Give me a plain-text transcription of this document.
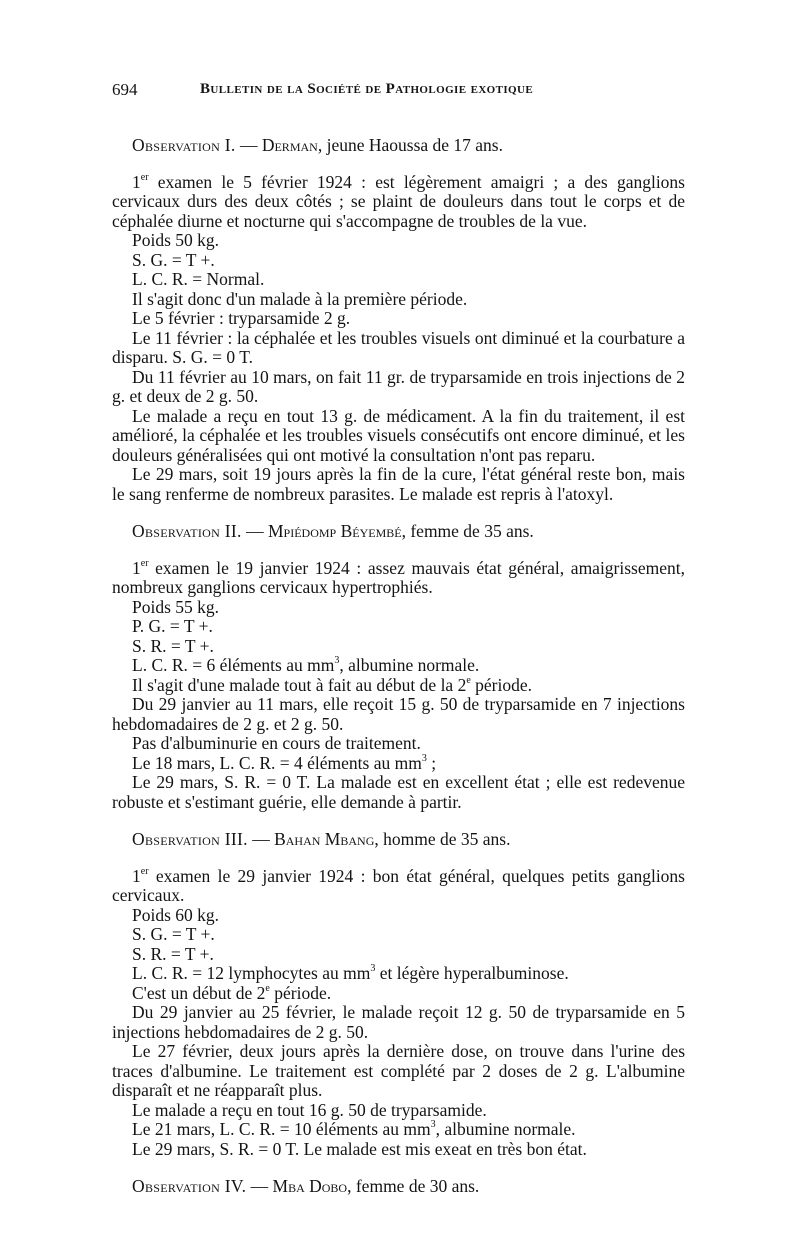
694	Bulletin de la Société de Pathologie exotique

Observation I. — Derman, jeune Haoussa de 17 ans.

1er examen le 5 février 1924 : est légèrement amaigri ; a des ganglions cervicaux durs des deux côtés ; se plaint de douleurs dans tout le corps et de céphalée diurne et nocturne qui s'accompagne de troubles de la vue.

Poids 50 kg.

S. G. = T +.

L. C. R. = Normal.

Il s'agit donc d'un malade à la première période.

Le 5 février : tryparsamide 2 g.

Le 11 février : la céphalée et les troubles visuels ont diminué et la courbature a disparu. S. G. = 0 T.

Du 11 février au 10 mars, on fait 11 gr. de tryparsamide en trois injections de 2 g. et deux de 2 g. 50.

Le malade a reçu en tout 13 g. de médicament. A la fin du traitement, il est amélioré, la céphalée et les troubles visuels consécutifs ont encore diminué, et les douleurs généralisées qui ont motivé la consultation n'ont pas reparu.

Le 29 mars, soit 19 jours après la fin de la cure, l'état général reste bon, mais le sang renferme de nombreux parasites. Le malade est repris à l'atoxyl.

Observation II. — Mpiédomp Béyembé, femme de 35 ans.

1er examen le 19 janvier 1924 : assez mauvais état général, amaigrissement, nombreux ganglions cervicaux hypertrophiés.

Poids 55 kg.

P. G. = T +.

S. R. = T +.

L. C. R. = 6 éléments au $mm^3$, albumine normale.

Il s'agit d'une malade tout à fait au début de la 2e période.

Du 29 janvier au 11 mars, elle reçoit 15 g. 50 de tryparsamide en 7 injections hebdomadaires de 2 g. et 2 g. 50.

Pas d'albuminurie en cours de traitement.

Le 18 mars, L. C. R. = 4 éléments au $mm^3$ ;

Le 29 mars, S. R. = 0 T. La malade est en excellent état ; elle est redevenue robuste et s'estimant guérie, elle demande à partir.

Observation III. — Bahan Mbang, homme de 35 ans.

1er examen le 29 janvier 1924 : bon état général, quelques petits ganglions cervicaux.

Poids 60 kg.

S. G. = T +.

S. R. = T +.

L. C. R. = 12 lymphocytes au $mm^3$ et légère hyperalbuminose.

C'est un début de 2e période.

Du 29 janvier au 25 février, le malade reçoit 12 g. 50 de tryparsamide en 5 injections hebdomadaires de 2 g. 50.

Le 27 février, deux jours après la dernière dose, on trouve dans l'urine des traces d'albumine. Le traitement est complété par 2 doses de 2 g. L'albumine disparaît et ne réapparaît plus.

Le malade a reçu en tout 16 g. 50 de tryparsamide.

Le 21 mars, L. C. R. = 10 éléments au $mm^3$, albumine normale.

Le 29 mars, S. R. = 0 T. Le malade est mis exeat en très bon état.

Observation IV. — Mba Dobo, femme de 30 ans.
